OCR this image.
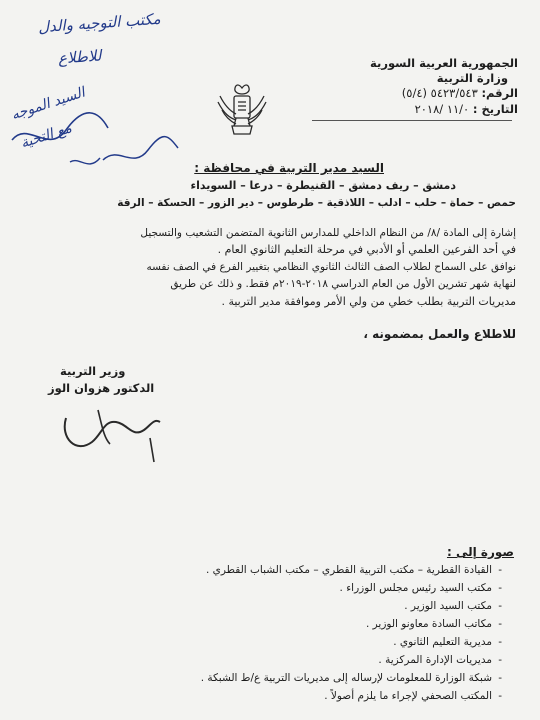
مكتب التوجيه والدل
للاطلاع
السيد الموجه
مع التحية
الجمهورية العربية السورية
وزارة التربية
الرقم: ٥٤٢٣/٥٤٣ (٥/٤)
التاريخ : ١١/٠ /٢٠١٨
السيد مدير التربية في محافظة :
دمشق – ريف دمشق – القنيطرة – درعا – السويداء
حمص – حماة – حلب – ادلب – اللاذقية – طرطوس – دير الزور – الحسكة – الرقة
إشارة إلى المادة /٨/ من النظام الداخلي للمدارس الثانوية المتضمن التشعيب والتسجيل
في أحد الفرعين العلمي أو الأدبي في مرحلة التعليم الثانوي العام .
نوافق على السماح لطلاب الصف الثالث الثانوي النظامي بتغيير الفرع في الصف نفسه
لنهاية شهر تشرين الأول من العام الدراسي ٢٠١٨-٢٠١٩م فقط. و ذلك عن طريق
مديريات التربية بطلب خطي من ولي الأمر وموافقة مدير التربية .
للاطلاع والعمل بمضمونه ،
وزير التربية
الدكتور هزوان الوز
صورة إلى :
القيادة القطرية – مكتب التربية القطري – مكتب الشباب القطري . -
مكتب السيد رئيس مجلس الوزراء . -
مكتب السيد الوزير . -
مكاتب السادة معاونو الوزير . -
مديرية التعليم الثانوي . -
مديريات الإدارة المركزية . -
شبكة الوزارة للمعلومات لإرساله إلى مديريات التربية ع/ط الشبكة . -
المكتب الصحفي لإجراء ما يلزم أصولاً . -
